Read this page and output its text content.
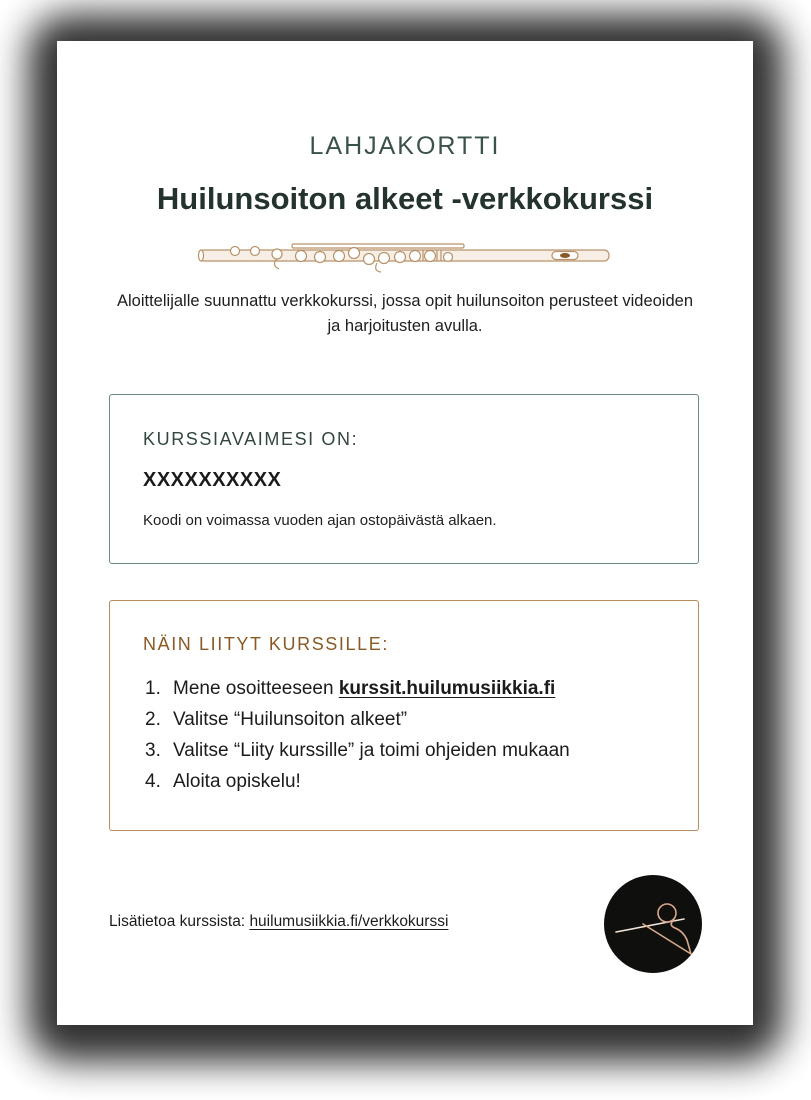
LAHJAKORTTI
Huilunsoiton alkeet -verkkokurssi
Aloittelijalle suunnattu verkkokurssi, jossa opit huilunsoiton perusteet videoiden ja harjoitusten avulla.
KURSSIAVAIMESI ON:
XXXXXXXXXX
Koodi on voimassa vuoden ajan ostopäivästä alkaen.
NÄIN LIITYT KURSSILLE:
1. Mene osoitteeseen kurssit.huilumusiikkia.fi
2. Valitse “Huilunsoiton alkeet”
3. Valitse “Liity kurssille” ja toimi ohjeiden mukaan
4. Aloita opiskelu!
Lisätietoa kurssista: huilumusiikkia.fi/verkkokurssi
